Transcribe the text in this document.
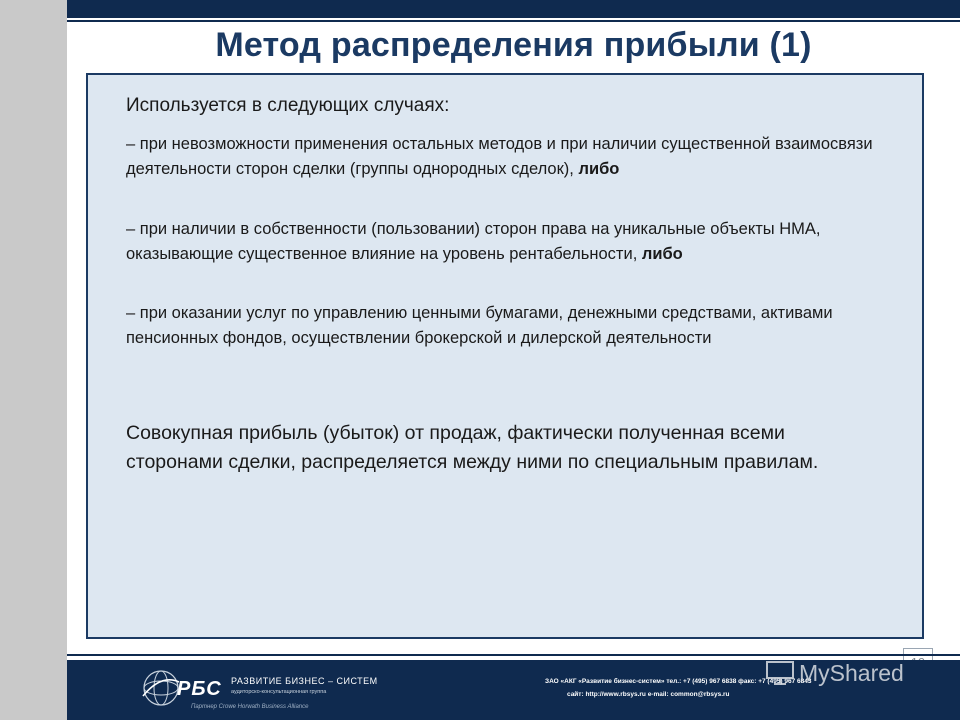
Метод распределения прибыли (1)
Используется в следующих случаях:
– при невозможности применения остальных методов и при наличии существенной взаимосвязи деятельности сторон сделки (группы однородных сделок), либо
– при наличии в собственности (пользовании) сторон права на уникальные объекты НМА, оказывающие существенное влияние на уровень рентабельности, либо
– при оказании услуг по управлению ценными бумагами, денежными средствами, активами пенсионных фондов, осуществлении брокерской и дилерской деятельности
Совокупная прибыль (убыток) от продаж, фактически полученная всеми сторонами сделки, распределяется между ними по специальным правилам.
РБС РАЗВИТИЕ БИЗНЕС – СИСТЕМ
аудиторско-консультационная группа
Партнер Crowe Horwath Business Alliance
ЗАО «АКГ «Развитие бизнес-систем» тел.: +7 (495) 967 6838 факс: +7 (495) 967 6843
сайт: http://www.rbsys.ru e-mail: common@rbsys.ru
MyShared
